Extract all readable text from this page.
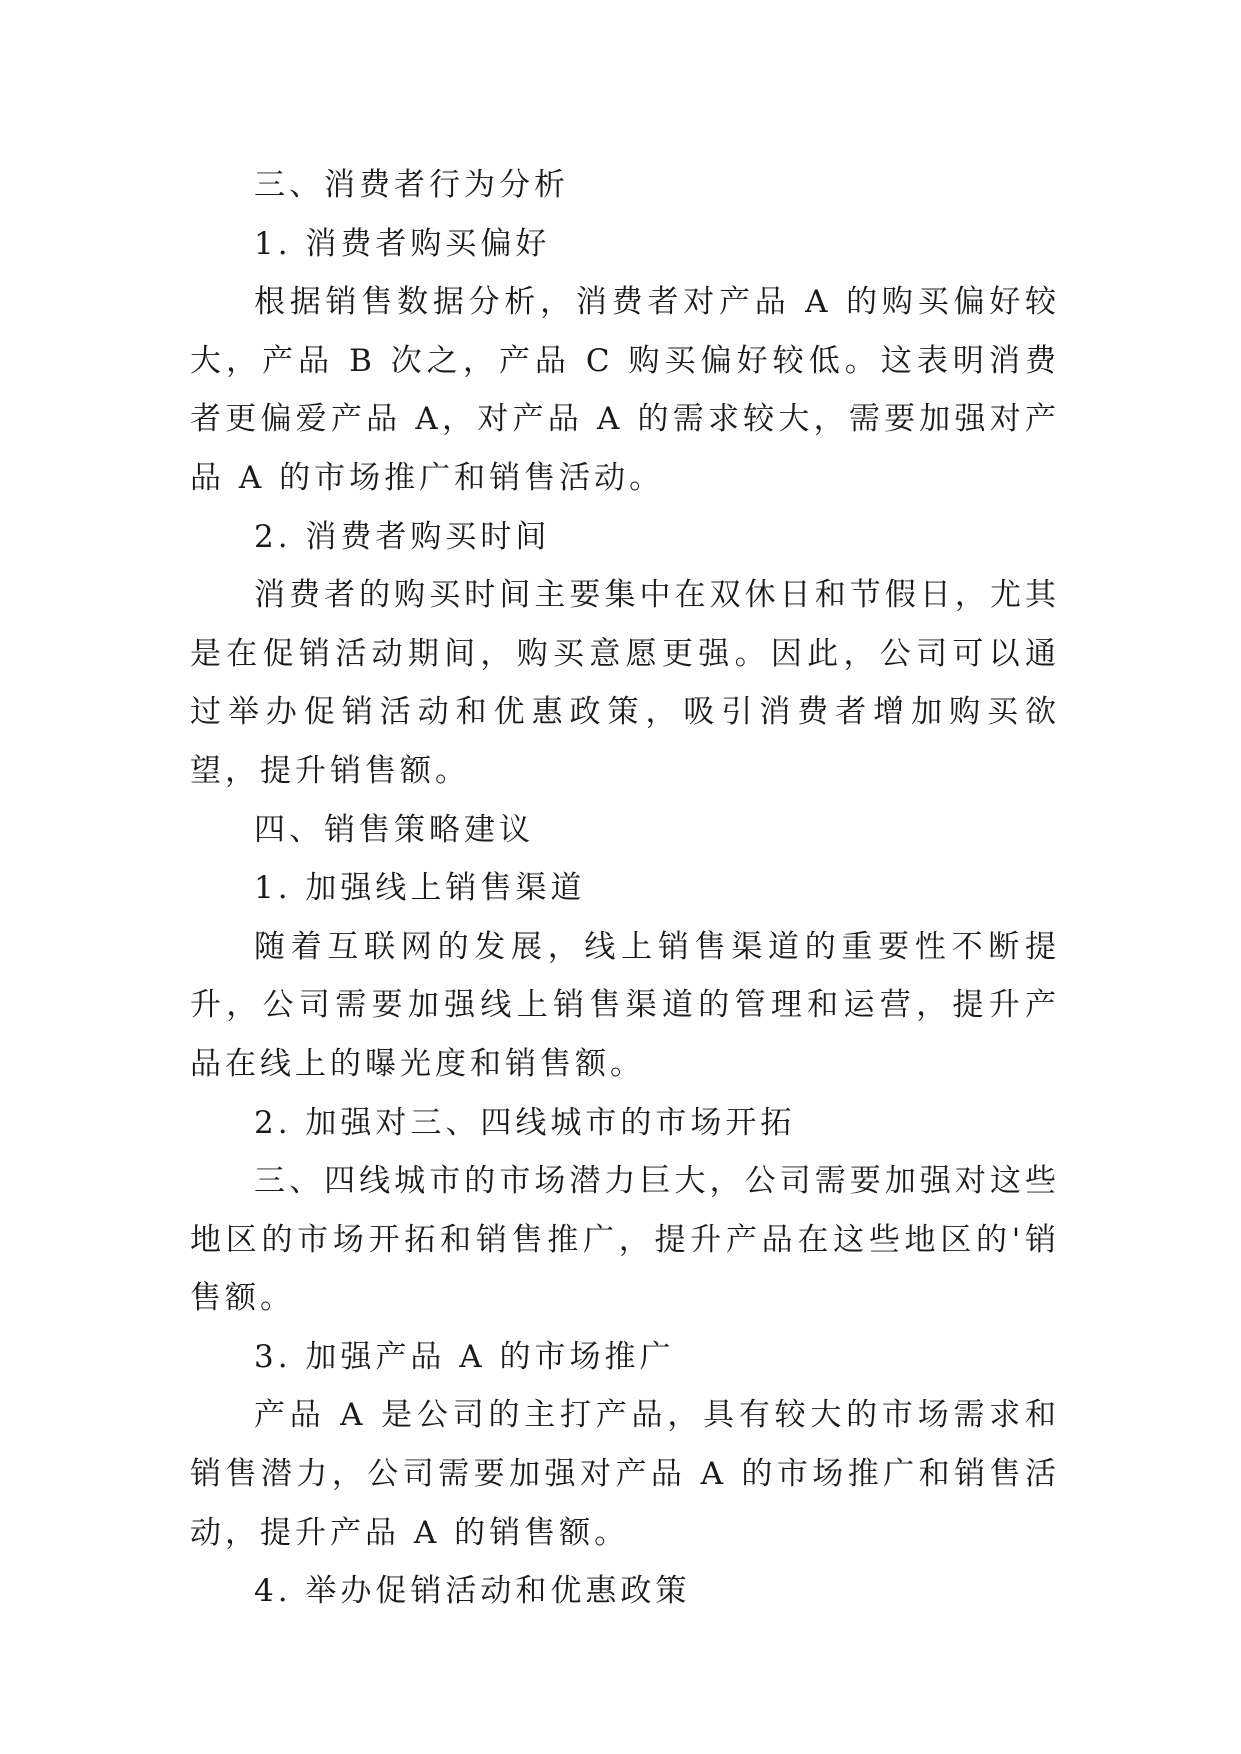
三、消费者行为分析

1. 消费者购买偏好

根据销售数据分析，消费者对产品 A 的购买偏好较大，产品 B 次之，产品 C 购买偏好较低。这表明消费者更偏爱产品 A，对产品 A 的需求较大，需要加强对产品 A 的市场推广和销售活动。

2. 消费者购买时间

消费者的购买时间主要集中在双休日和节假日，尤其是在促销活动期间，购买意愿更强。因此，公司可以通过举办促销活动和优惠政策，吸引消费者增加购买欲望，提升销售额。

四、销售策略建议

1. 加强线上销售渠道

随着互联网的发展，线上销售渠道的重要性不断提升，公司需要加强线上销售渠道的管理和运营，提升产品在线上的曝光度和销售额。

2. 加强对三、四线城市的市场开拓

三、四线城市的市场潜力巨大，公司需要加强对这些地区的市场开拓和销售推广，提升产品在这些地区的'销售额。

3. 加强产品 A 的市场推广

产品 A 是公司的主打产品，具有较大的市场需求和销售潜力，公司需要加强对产品 A 的市场推广和销售活动，提升产品 A 的销售额。

4. 举办促销活动和优惠政策
